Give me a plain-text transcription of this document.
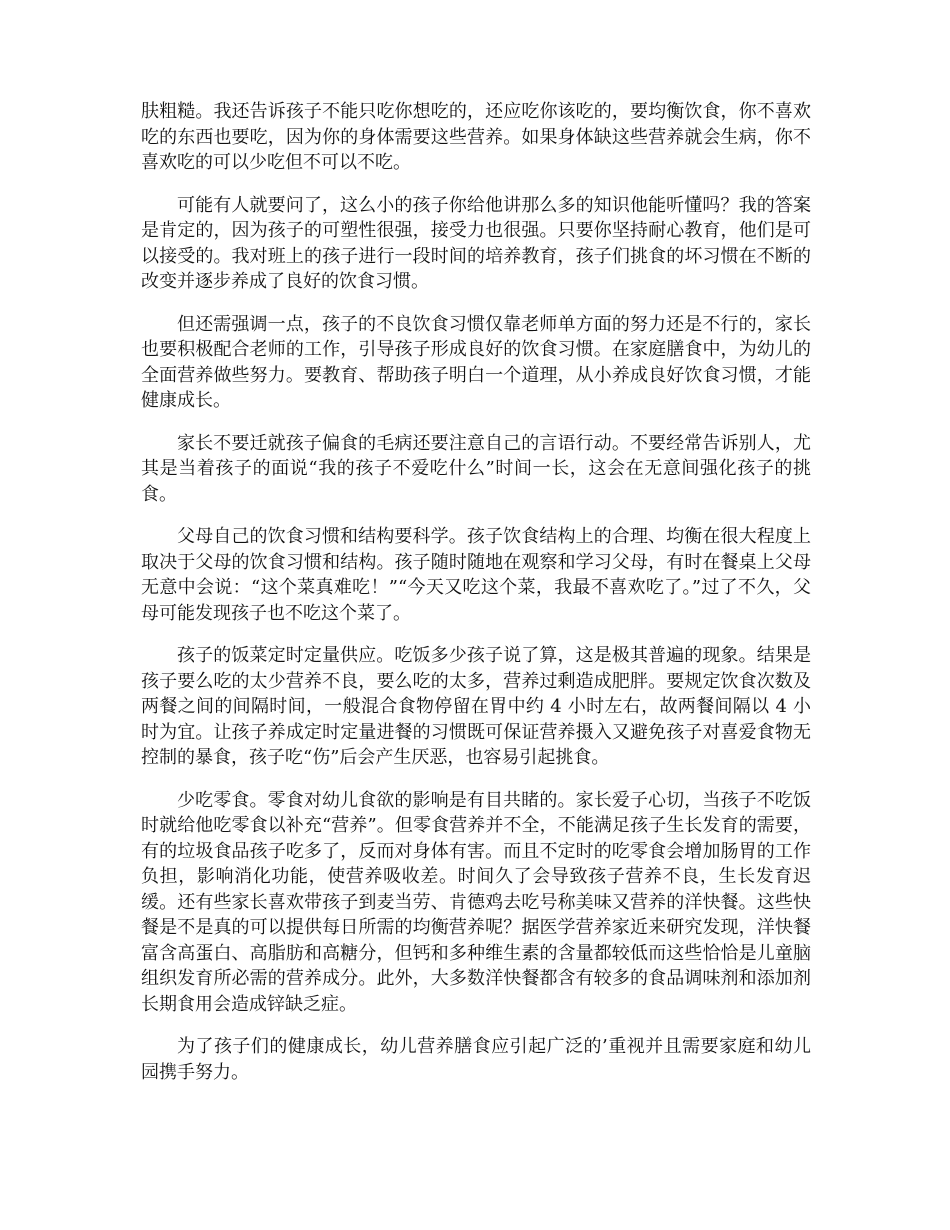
肤粗糙。我还告诉孩子不能只吃你想吃的，还应吃你该吃的，要均衡饮食，你不喜欢吃的东西也要吃，因为你的身体需要这些营养。如果身体缺这些营养就会生病，你不喜欢吃的可以少吃但不可以不吃。

可能有人就要问了，这么小的孩子你给他讲那么多的知识他能听懂吗？我的答案是肯定的，因为孩子的可塑性很强，接受力也很强。只要你坚持耐心教育，他们是可以接受的。我对班上的孩子进行一段时间的培养教育，孩子们挑食的坏习惯在不断的改变并逐步养成了良好的饮食习惯。

但还需强调一点，孩子的不良饮食习惯仅靠老师单方面的努力还是不行的，家长也要积极配合老师的工作，引导孩子形成良好的饮食习惯。在家庭膳食中，为幼儿的全面营养做些努力。要教育、帮助孩子明白一个道理，从小养成良好饮食习惯，才能健康成长。

家长不要迁就孩子偏食的毛病还要注意自己的言语行动。不要经常告诉别人，尤其是当着孩子的面说“我的孩子不爱吃什么”时间一长，这会在无意间强化孩子的挑食。

父母自己的饮食习惯和结构要科学。孩子饮食结构上的合理、均衡在很大程度上取决于父母的饮食习惯和结构。孩子随时随地在观察和学习父母，有时在餐桌上父母无意中会说：“这个菜真难吃！”“今天又吃这个菜，我最不喜欢吃了。”过了不久，父母可能发现孩子也不吃这个菜了。

孩子的饭菜定时定量供应。吃饭多少孩子说了算，这是极其普遍的现象。结果是孩子要么吃的太少营养不良，要么吃的太多，营养过剩造成肥胖。要规定饮食次数及两餐之间的间隔时间，一般混合食物停留在胃中约 4 小时左右，故两餐间隔以 4 小时为宜。让孩子养成定时定量进餐的习惯既可保证营养摄入又避免孩子对喜爱食物无控制的暴食，孩子吃“伤”后会产生厌恶，也容易引起挑食。

少吃零食。零食对幼儿食欲的影响是有目共睹的。家长爱子心切，当孩子不吃饭时就给他吃零食以补充“营养”。但零食营养并不全，不能满足孩子生长发育的需要，有的垃圾食品孩子吃多了，反而对身体有害。而且不定时的吃零食会增加肠胃的工作负担，影响消化功能，使营养吸收差。时间久了会导致孩子营养不良，生长发育迟缓。还有些家长喜欢带孩子到麦当劳、肯德鸡去吃号称美味又营养的洋快餐。这些快餐是不是真的可以提供每日所需的均衡营养呢？据医学营养家近来研究发现，洋快餐富含高蛋白、高脂肪和高糖分，但钙和多种维生素的含量都较低而这些恰恰是儿童脑组织发育所必需的营养成分。此外，大多数洋快餐都含有较多的食品调味剂和添加剂长期食用会造成锌缺乏症。

为了孩子们的健康成长，幼儿营养膳食应引起广泛的’重视并且需要家庭和幼儿园携手努力。
